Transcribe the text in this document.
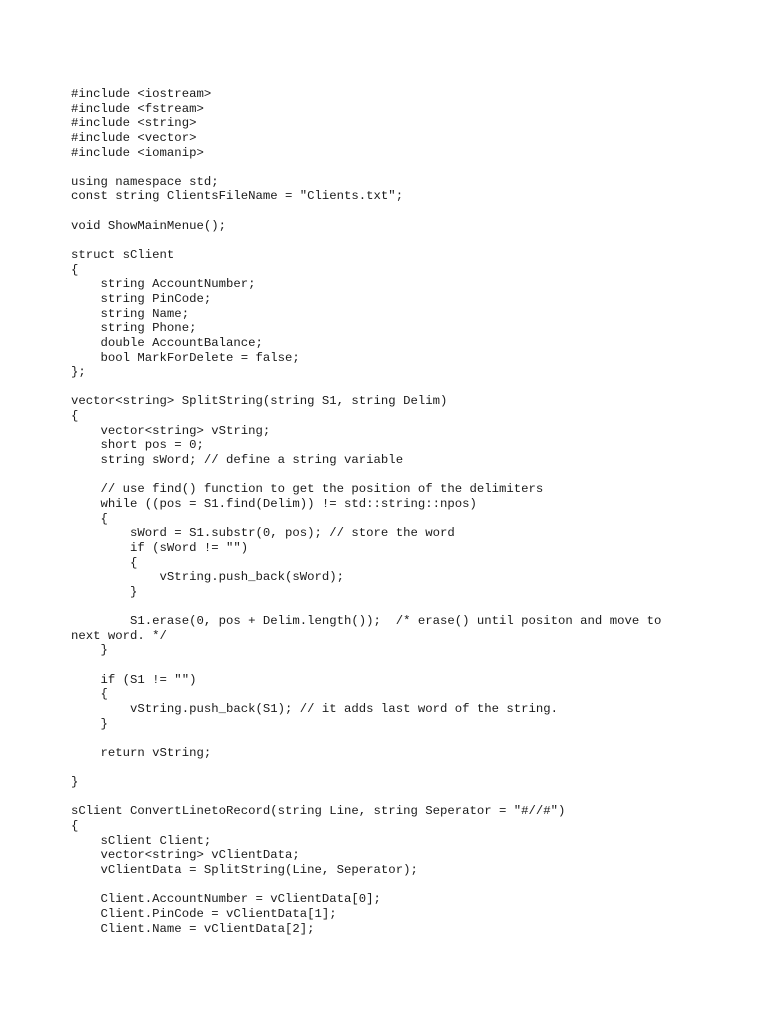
#include <iostream>
#include <fstream>
#include <string>
#include <vector>
#include <iomanip>
using namespace std;
const string ClientsFileName = "Clients.txt";
void ShowMainMenue();
struct sClient
{
string AccountNumber;
string PinCode;
string Name;
string Phone;
double AccountBalance;
bool MarkForDelete = false;
};
vector<string> SplitString(string S1, string Delim)
{
vector<string> vString;
short pos = 0;
string sWord; // define a string variable
// use find() function to get the position of the delimiters
while ((pos = S1.find(Delim)) != std::string::npos)
{
sWord = S1.substr(0, pos); // store the word
if (sWord != "")
{
vString.push_back(sWord);
}
S1.erase(0, pos + Delim.length());  /* erase() until positon and move to
next word. */
}
if (S1 != "")
{
vString.push_back(S1); // it adds last word of the string.
}
return vString;
}
sClient ConvertLinetoRecord(string Line, string Seperator = "#//#")
{
sClient Client;
vector<string> vClientData;
vClientData = SplitString(Line, Seperator);
Client.AccountNumber = vClientData[0];
Client.PinCode = vClientData[1];
Client.Name = vClientData[2];
